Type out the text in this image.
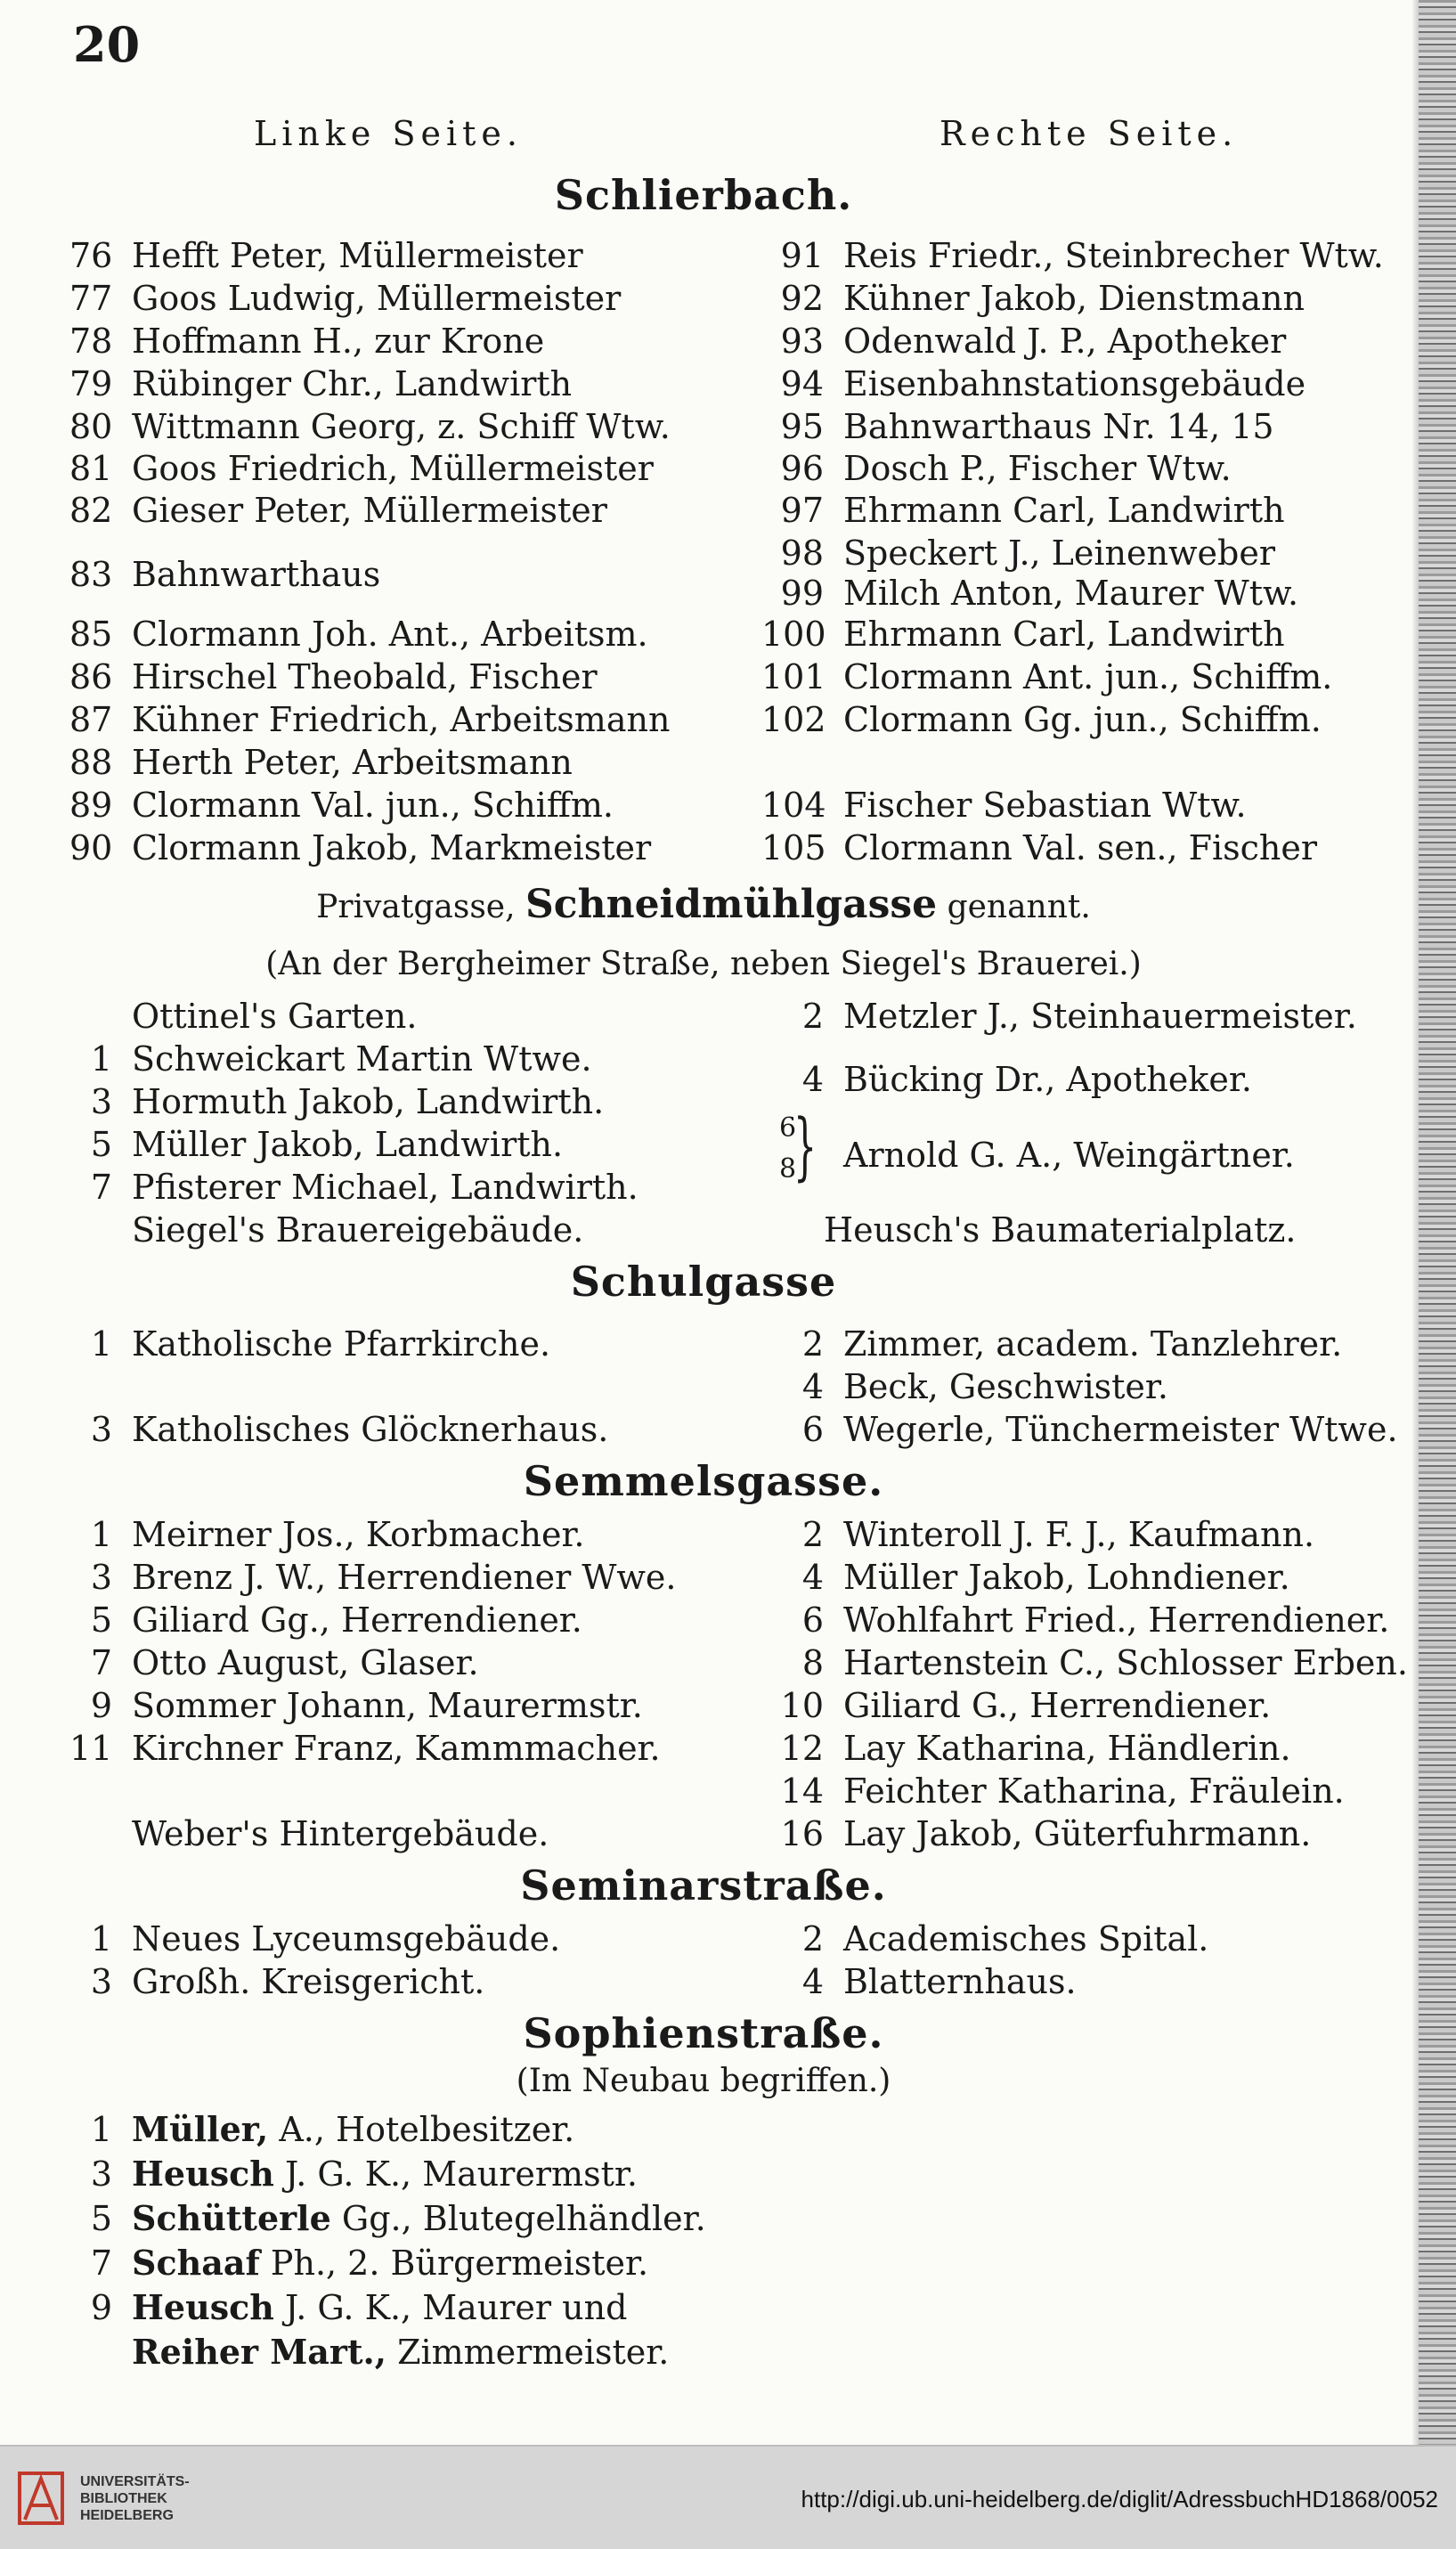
20
Linke Seite.	Rechte Seite.
Schlierbach.
76 Hefft Peter, Müllermeister
77 Goos Ludwig, Müllermeister
78 Hoffmann H., zur Krone
79 Rübinger Chr., Landwirth
80 Wittmann Georg, z. Schiff Wtw.
81 Goos Friedrich, Müllermeister
82 Gieser Peter, Müllermeister
83 Bahnwarthaus
85 Clormann Joh. Ant., Arbeitsm.
86 Hirschel Theobald, Fischer
87 Kühner Friedrich, Arbeitsmann
88 Herth Peter, Arbeitsmann
89 Clormann Val. jun., Schiffm.
90 Clormann Jakob, Markmeister
91 Reis Friedr., Steinbrecher Wtw.
92 Kühner Jakob, Dienstmann
93 Odenwald J. P., Apotheker
94 Eisenbahnstationsgebäude
95 Bahnwarthaus Nr. 14, 15
96 Dosch P., Fischer Wtw.
97 Ehrmann Carl, Landwirth
98 Speckert J., Leinenweber
99 Milch Anton, Maurer Wtw.
100 Ehrmann Carl, Landwirth
101 Clormann Ant. jun., Schiffm.
102 Clormann Gg. jun., Schiffm.
104 Fischer Sebastian Wtw.
105 Clormann Val. sen., Fischer
Privatgasse, Schneidmühlgasse genannt.
(An der Bergheimer Straße, neben Siegel's Brauerei.)
Ottinel's Garten.
1 Schweickart Martin Wtwe.
3 Hormuth Jakob, Landwirth.
5 Müller Jakob, Landwirth.
7 Pfisterer Michael, Landwirth.
Siegel's Brauereigebäude.
2 Metzler J., Steinhauermeister.
4 Bücking Dr., Apotheker.
6
8
} Arnold G. A., Weingärtner.
Heusch's Baumaterialplatz.
Schulgasse
1 Katholische Pfarrkirche.
3 Katholisches Glöcknerhaus.
2 Zimmer, academ. Tanzlehrer.
4 Beck, Geschwister.
6 Wegerle, Tünchermeister Wtwe.
Semmelsgasse.
1 Meirner Jos., Korbmacher.
3 Brenz J. W., Herrendiener Wwe.
5 Giliard Gg., Herrendiener.
7 Otto August, Glaser.
9 Sommer Johann, Maurermstr.
11 Kirchner Franz, Kammmacher.
Weber's Hintergebäude.
2 Winteroll J. F. J., Kaufmann.
4 Müller Jakob, Lohndiener.
6 Wohlfahrt Fried., Herrendiener.
8 Hartenstein C., Schlosser Erben.
10 Giliard G., Herrendiener.
12 Lay Katharina, Händlerin.
14 Feichter Katharina, Fräulein.
16 Lay Jakob, Güterfuhrmann.
Seminarstraße.
1 Neues Lyceumsgebäude.
3 Großh. Kreisgericht.
2 Academisches Spital.
4 Blatternhaus.
Sophienstraße.
(Im Neubau begriffen.)
1 Müller, A., Hotelbesitzer.
3 Heusch J. G. K., Maurermstr.
5 Schütterle Gg., Blutegelhändler.
7 Schaaf Ph., 2. Bürgermeister.
9 Heusch J. G. K., Maurer und
Reiher Mart., Zimmermeister.
UNIVERSITÄTS-
BIBLIOTHEK
HEIDELBERG
http://digi.ub.uni-heidelberg.de/diglit/AdressbuchHD1868/0052
